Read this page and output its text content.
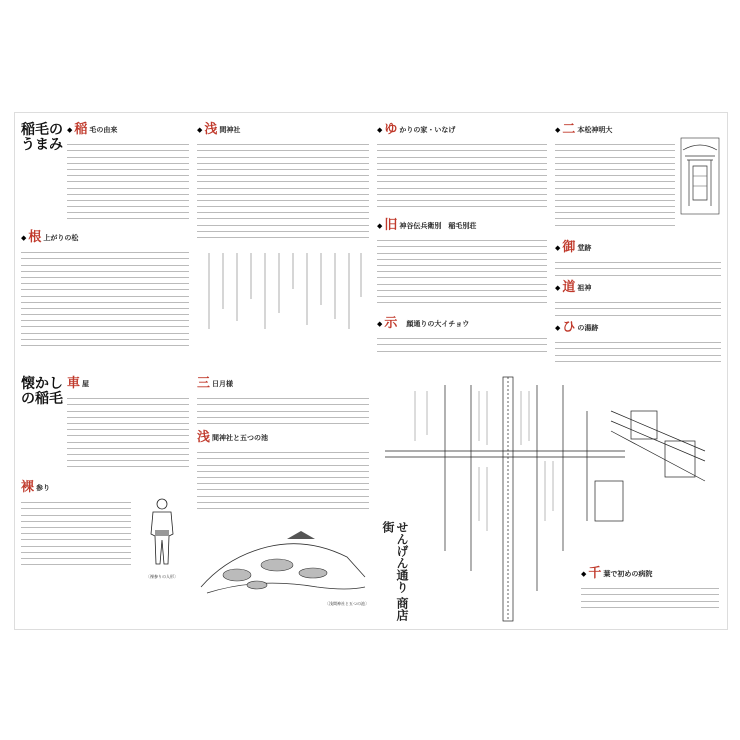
稲毛の
うまみ
◆ 稲 毛の由来
◆ 根 上がりの松
◆ 浅 間神社	◆ ゆ かりの家・いなげ
◆ 旧 神谷伝兵衛別　稲毛別荘
◆ 示 　顔通りの大イチョウ
◆ 二 本松神明大
◆ 御 堂跡
◆ 道 祖神
◆ ひ の湯跡
懐かし
の稲毛
車 屋
裸 参り
〔裸参りの人形〕
三 日月様
浅 間神社と五つの池
〔浅間神社と五つの池〕	せんげん通り 商店街
◆ 千 葉で初めの病院
